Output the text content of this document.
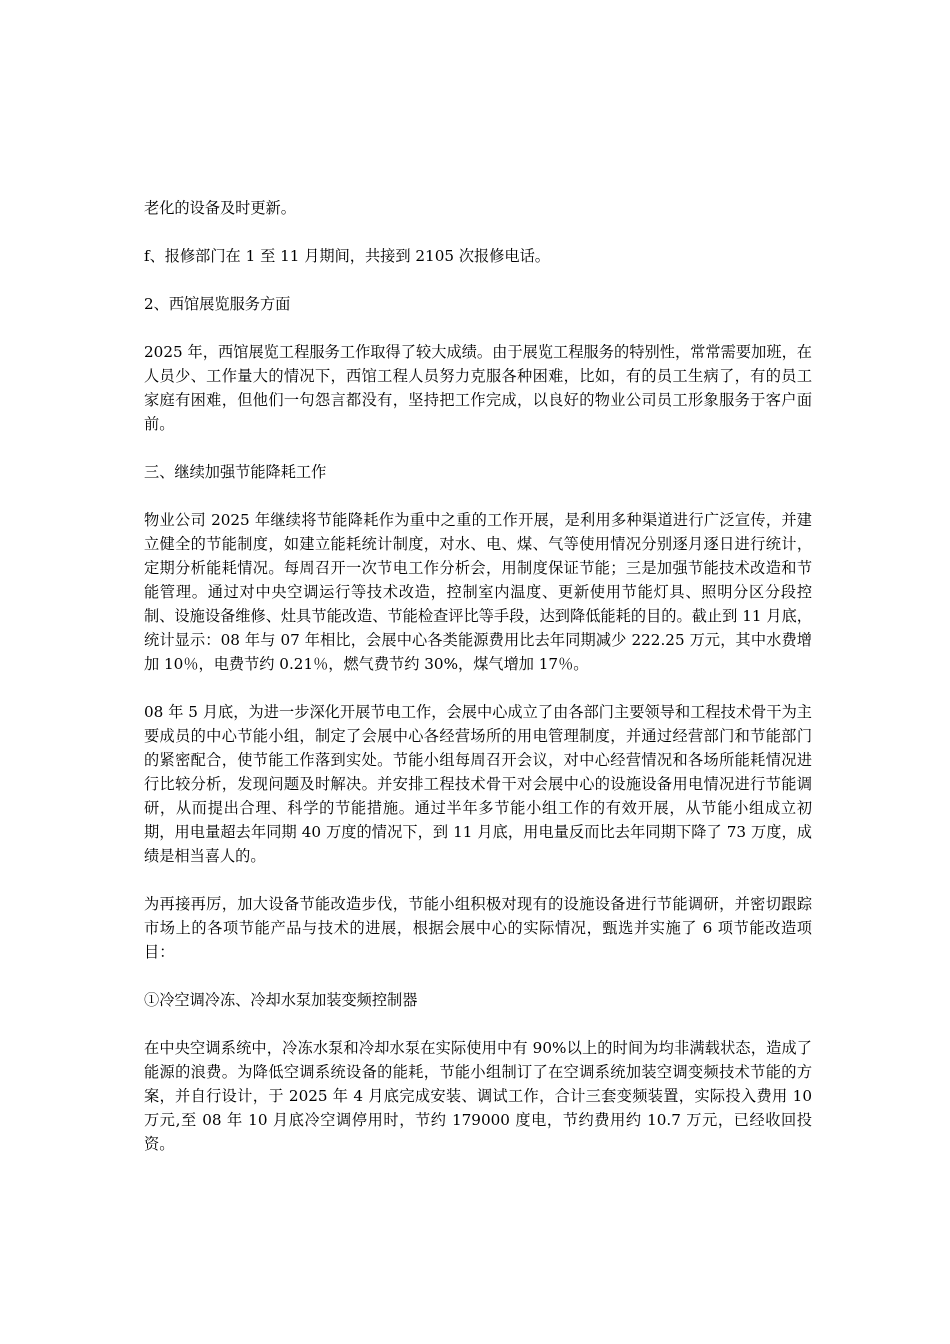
老化的设备及时更新。

f、报修部门在 1 至 11 月期间，共接到 2105 次报修电话。

2、西馆展览服务方面

2025 年，西馆展览工程服务工作取得了较大成绩。由于展览工程服务的特别性，常常需要加班，在人员少、工作量大的情况下，西馆工程人员努力克服各种困难，比如，有的员工生病了，有的员工家庭有困难，但他们一句怨言都没有，坚持把工作完成，以良好的物业公司员工形象服务于客户面前。

三、继续加强节能降耗工作

物业公司 2025 年继续将节能降耗作为重中之重的工作开展，是利用多种渠道进行广泛宣传，并建立健全的节能制度，如建立能耗统计制度，对水、电、煤、气等使用情况分别逐月逐日进行统计，定期分析能耗情况。每周召开一次节电工作分析会，用制度保证节能；三是加强节能技术改造和节能管理。通过对中央空调运行等技术改造，控制室内温度、更新使用节能灯具、照明分区分段控制、设施设备维修、灶具节能改造、节能检查评比等手段，达到降低能耗的目的。截止到 11 月底，统计显示：08 年与 07 年相比，会展中心各类能源费用比去年同期减少 222.25 万元，其中水费增加 10％，电费节约 0.21％，燃气费节约 30%，煤气增加 17％。

08 年 5 月底，为进一步深化开展节电工作，会展中心成立了由各部门主要领导和工程技术骨干为主要成员的中心节能小组，制定了会展中心各经营场所的用电管理制度，并通过经营部门和节能部门的紧密配合，使节能工作落到实处。节能小组每周召开会议，对中心经营情况和各场所能耗情况进行比较分析，发现问题及时解决。并安排工程技术骨干对会展中心的设施设备用电情况进行节能调研，从而提出合理、科学的节能措施。通过半年多节能小组工作的有效开展，从节能小组成立初期，用电量超去年同期 40 万度的情况下，到 11 月底，用电量反而比去年同期下降了 73 万度，成绩是相当喜人的。

为再接再厉，加大设备节能改造步伐，节能小组积极对现有的设施设备进行节能调研，并密切跟踪市场上的各项节能产品与技术的进展，根据会展中心的实际情况，甄选并实施了 6 项节能改造项目：

①冷空调冷冻、冷却水泵加装变频控制器

在中央空调系统中，冷冻水泵和冷却水泵在实际使用中有 90%以上的时间为均非满载状态，造成了能源的浪费。为降低空调系统设备的能耗，节能小组制订了在空调系统加装空调变频技术节能的方案，并自行设计，于 2025 年 4 月底完成安装、调试工作，合计三套变频装置，实际投入费用 10 万元,至 08 年 10 月底冷空调停用时，节约 179000 度电，节约费用约 10.7 万元，已经收回投资。
